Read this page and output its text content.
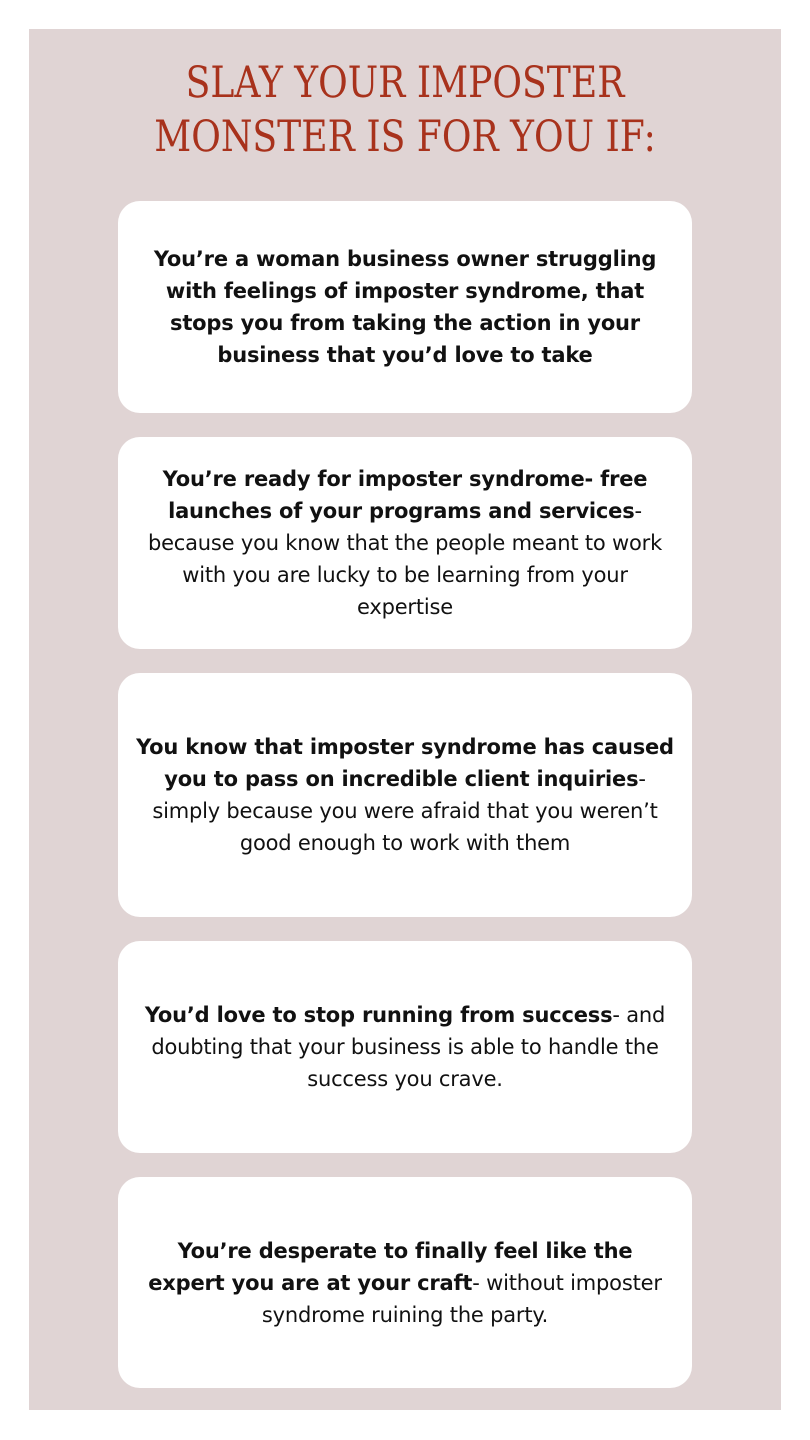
SLAY YOUR IMPOSTER
MONSTER IS FOR YOU IF:

You’re a woman business owner struggling with feelings of imposter syndrome, that stops you from taking the action in your business that you’d love to take

You’re ready for imposter syndrome- free launches of your programs and services- because you know that the people meant to work with you are lucky to be learning from your expertise

You know that imposter syndrome has caused you to pass on incredible client inquiries- simply because you were afraid that you weren’t good enough to work with them

You’d love to stop running from success- and doubting that your business is able to handle the success you crave.

You’re desperate to finally feel like the expert you are at your craft- without imposter syndrome ruining the party.
